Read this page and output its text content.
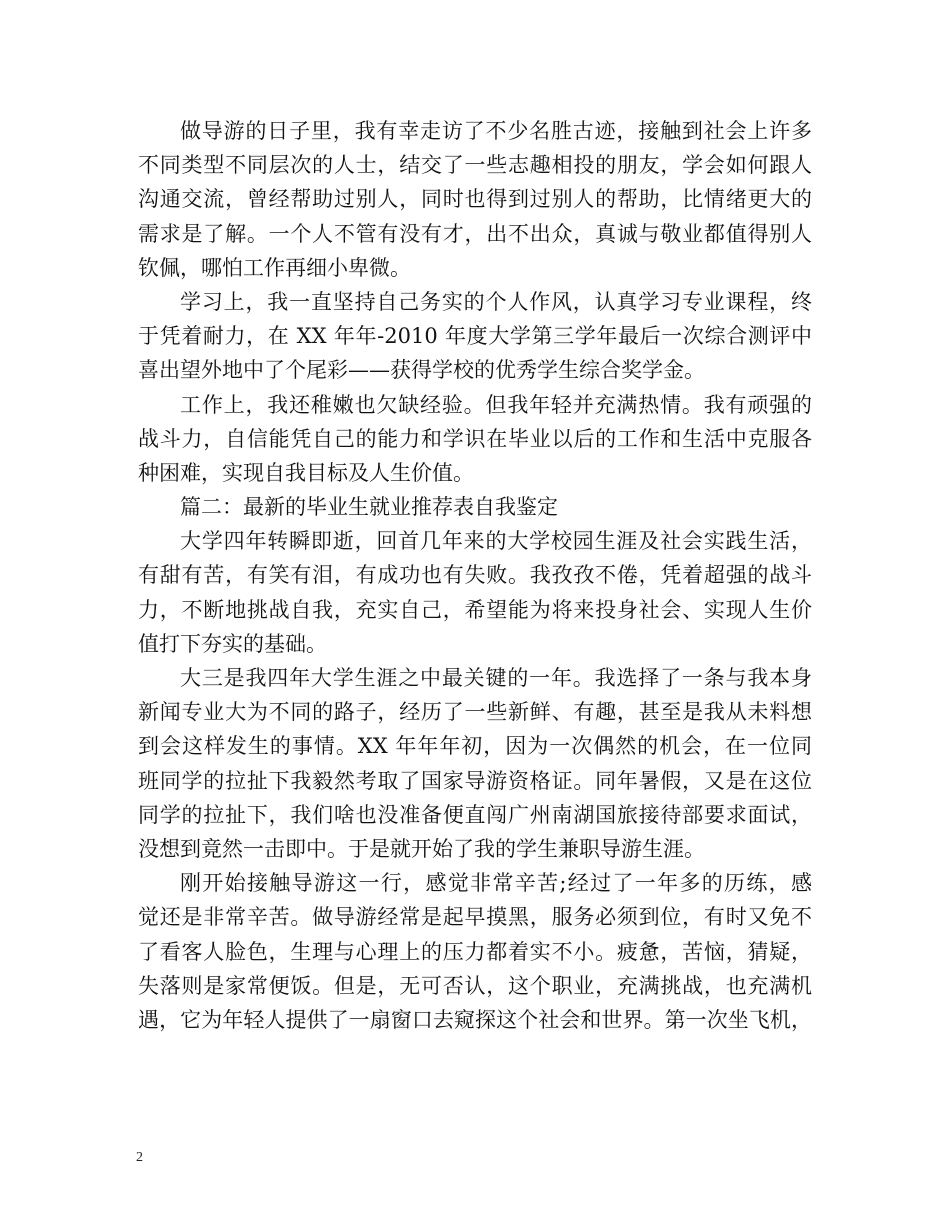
做导游的日子里，我有幸走访了不少名胜古迹，接触到社会上许多

不同类型不同层次的人士，结交了一些志趣相投的朋友，学会如何跟人

沟通交流，曾经帮助过别人，同时也得到过别人的帮助，比情绪更大的

需求是了解。一个人不管有没有才，出不出众，真诚与敬业都值得别人

钦佩，哪怕工作再细小卑微。

学习上，我一直坚持自己务实的个人作风，认真学习专业课程，终

于凭着耐力，在 XX 年年-2010 年度大学第三学年最后一次综合测评中

喜出望外地中了个尾彩——获得学校的优秀学生综合奖学金。

工作上，我还稚嫩也欠缺经验。但我年轻并充满热情。我有顽强的

战斗力，自信能凭自己的能力和学识在毕业以后的工作和生活中克服各

种困难，实现自我目标及人生价值。

篇二：最新的毕业生就业推荐表自我鉴定

大学四年转瞬即逝，回首几年来的大学校园生涯及社会实践生活，

有甜有苦，有笑有泪，有成功也有失败。我孜孜不倦，凭着超强的战斗

力，不断地挑战自我，充实自己，希望能为将来投身社会、实现人生价

值打下夯实的基础。

大三是我四年大学生涯之中最关键的一年。我选择了一条与我本身

新闻专业大为不同的路子，经历了一些新鲜、有趣，甚至是我从未料想

到会这样发生的事情。XX 年年年初，因为一次偶然的机会，在一位同

班同学的拉扯下我毅然考取了国家导游资格证。同年暑假，又是在这位

同学的拉扯下，我们啥也没准备便直闯广州南湖国旅接待部要求面试，

没想到竟然一击即中。于是就开始了我的学生兼职导游生涯。

刚开始接触导游这一行，感觉非常辛苦;经过了一年多的历练，感

觉还是非常辛苦。做导游经常是起早摸黑，服务必须到位，有时又免不

了看客人脸色，生理与心理上的压力都着实不小。疲惫，苦恼，猜疑，

失落则是家常便饭。但是，无可否认，这个职业，充满挑战，也充满机

遇，它为年轻人提供了一扇窗口去窥探这个社会和世界。第一次坐飞机，

2
